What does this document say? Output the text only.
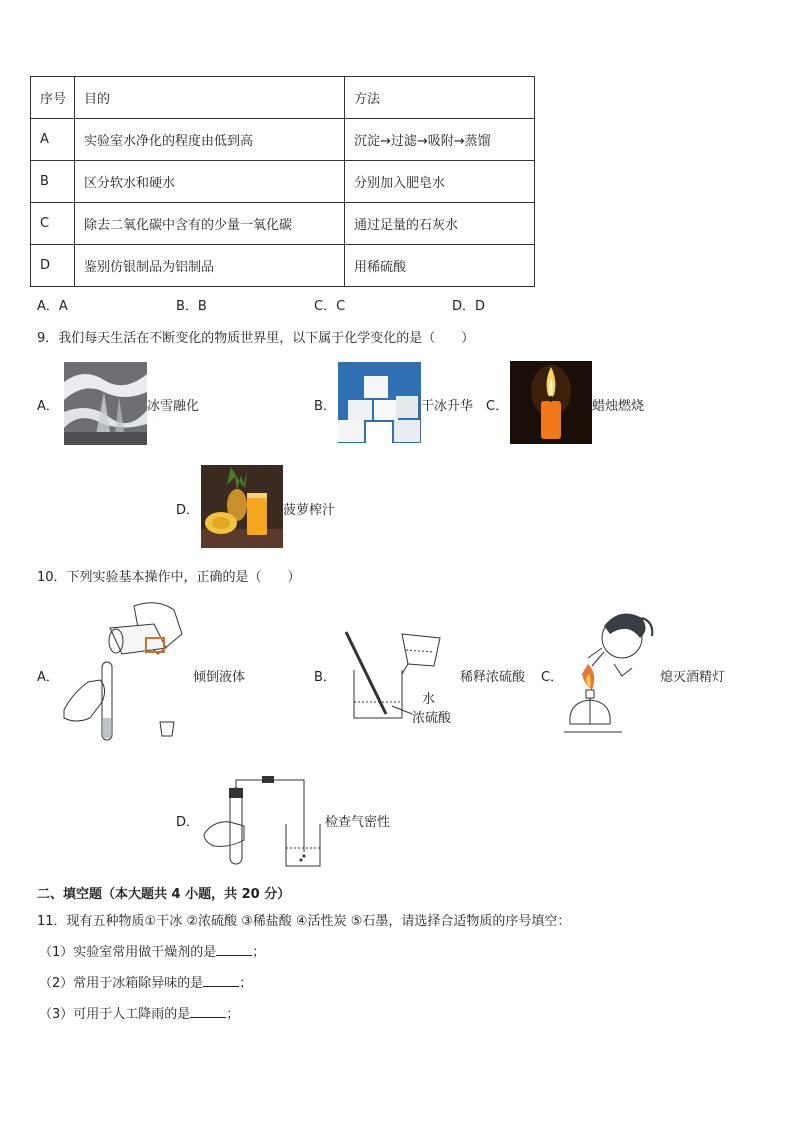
序号	目的	方法
A	实验室水净化的程度由低到高	沉淀→过滤→吸附→蒸馏
B	区分软水和硬水	分别加入肥皂水
C	除去二氧化碳中含有的少量一氧化碳	通过足量的石灰水
D	鉴别仿银制品为铝制品	用稀硫酸
A．A	B．B	C．C	D．D
9．我们每天生活在不断变化的物质世界里，以下属于化学变化的是（　　）
A．	冰雪融化	B．	干冰升华 C．	蜡烛燃烧
D．	菠萝榨汁
10．下列实验基本操作中，正确的是（　　）
A．	倾倒液体	B．
水
浓硫酸
稀释浓硫酸 C．	熄灭酒精灯
D．	检查气密性
二、填空题（本大题共 4 小题，共 20 分）
11．现有五种物质①干冰 ②浓硫酸 ③稀盐酸 ④活性炭 ⑤石墨，请选择合适物质的序号填空：
（1）实验室常用做干燥剂的是	；
（2）常用于冰箱除异味的是	；
（3）可用于人工降雨的是	；
